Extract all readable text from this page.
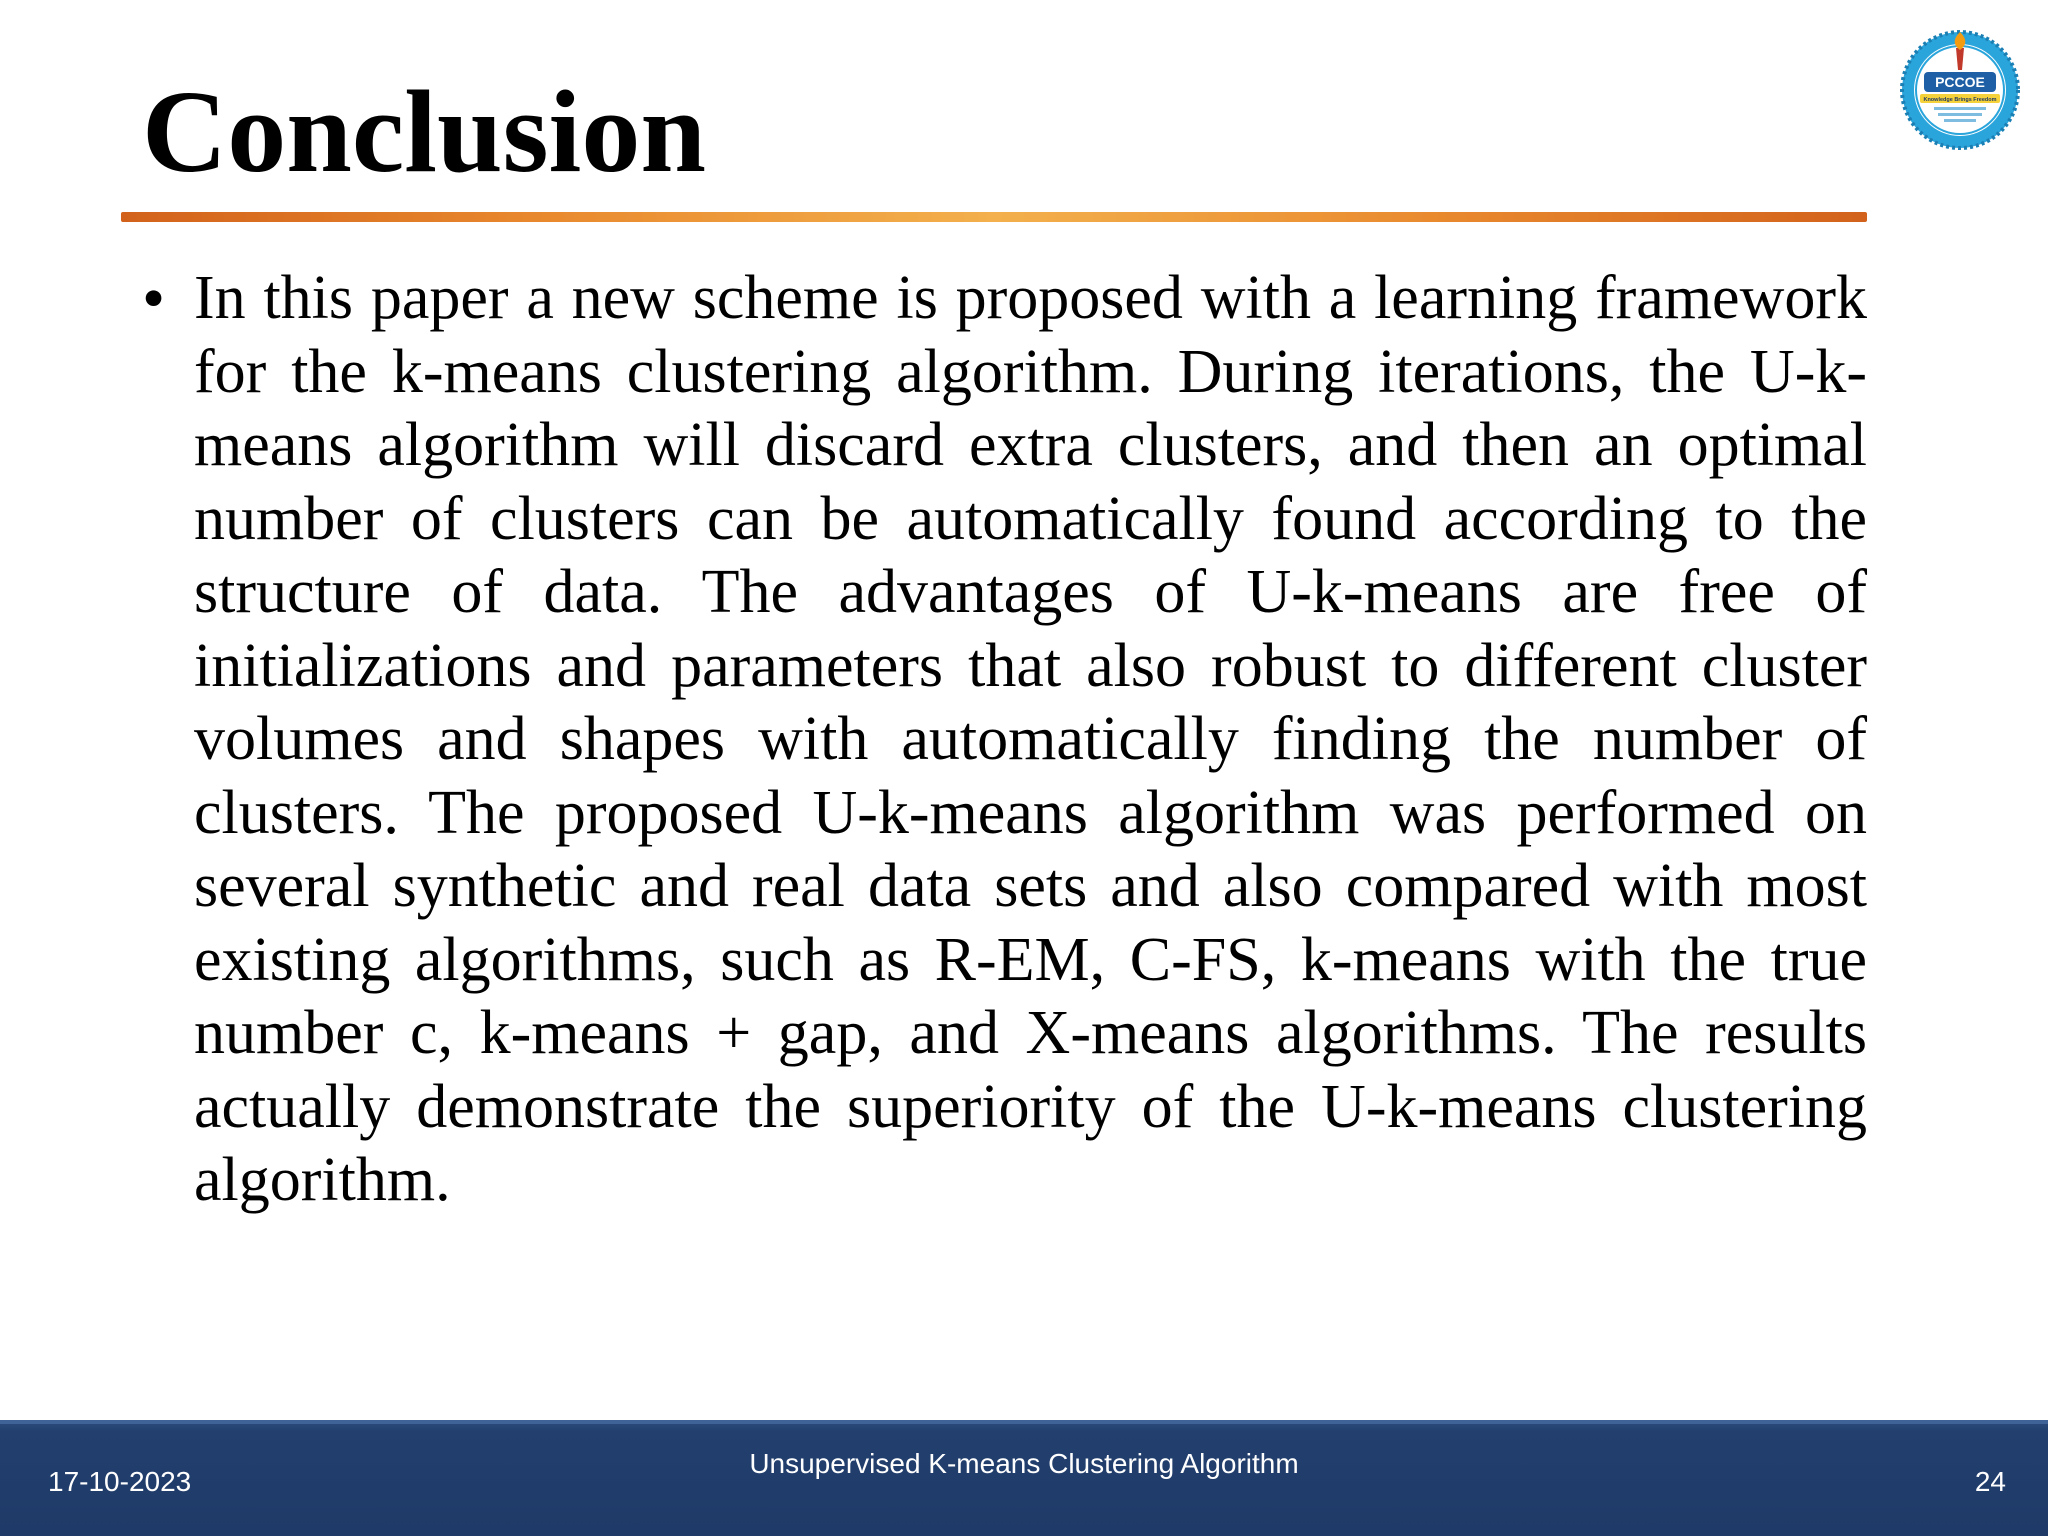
Conclusion	PCCOE
Knowledge Brings Freedom
• In this paper a new scheme is proposed with a learning framework for the k-means clustering algorithm. During iterations, the U-k-means algorithm will discard extra clusters, and then an optimal number of clusters can be automatically found according to the structure of data. The advantages of U-k-means are free of initializations and parameters that also robust to different cluster volumes and shapes with automatically finding the number of clusters. The proposed U-k-means algorithm was performed on several synthetic and real data sets and also compared with most existing algorithms, such as R-EM, C-FS, k-means with the true number c, k-means + gap, and X-means algorithms. The results actually demonstrate the superiority of the U-k-means clustering algorithm.

17-10-2023
Unsupervised K-means Clustering Algorithm
24
